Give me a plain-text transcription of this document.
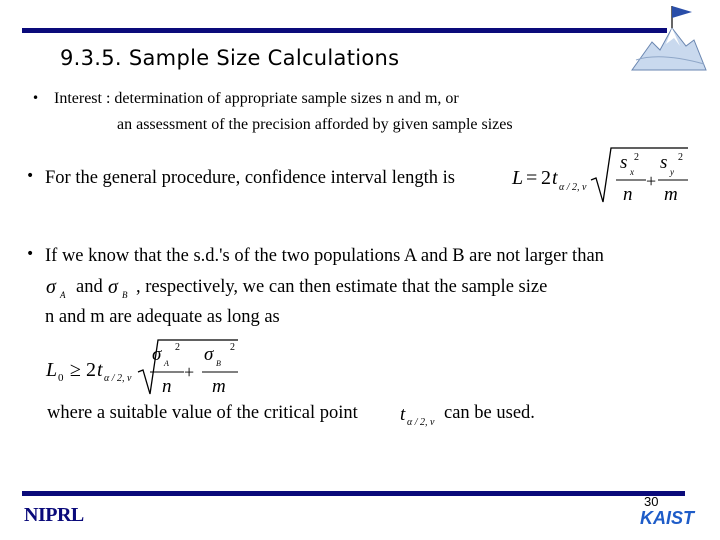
9.3.5. Sample Size Calculations
• Interest : determination of appropriate sample sizes n and m, or
an assessment of the precision afforded by given sample sizes
• For the general procedure, confidence interval length is	L = 2 t α / 2, ν
s x
2
n
+
s y
2
m
• If we know that the s.d.'s of the two populations A and B are not larger than
σ A and σ B , respectively, we can then estimate that the sample size
n and m are adequate as long as
L 0 ≥ 2 t α / 2, ν
σ A
2
n
+
σ B
2
m
where a suitable value of the critical point t α / 2, ν can be used.
NIPRL
30
KAIST
